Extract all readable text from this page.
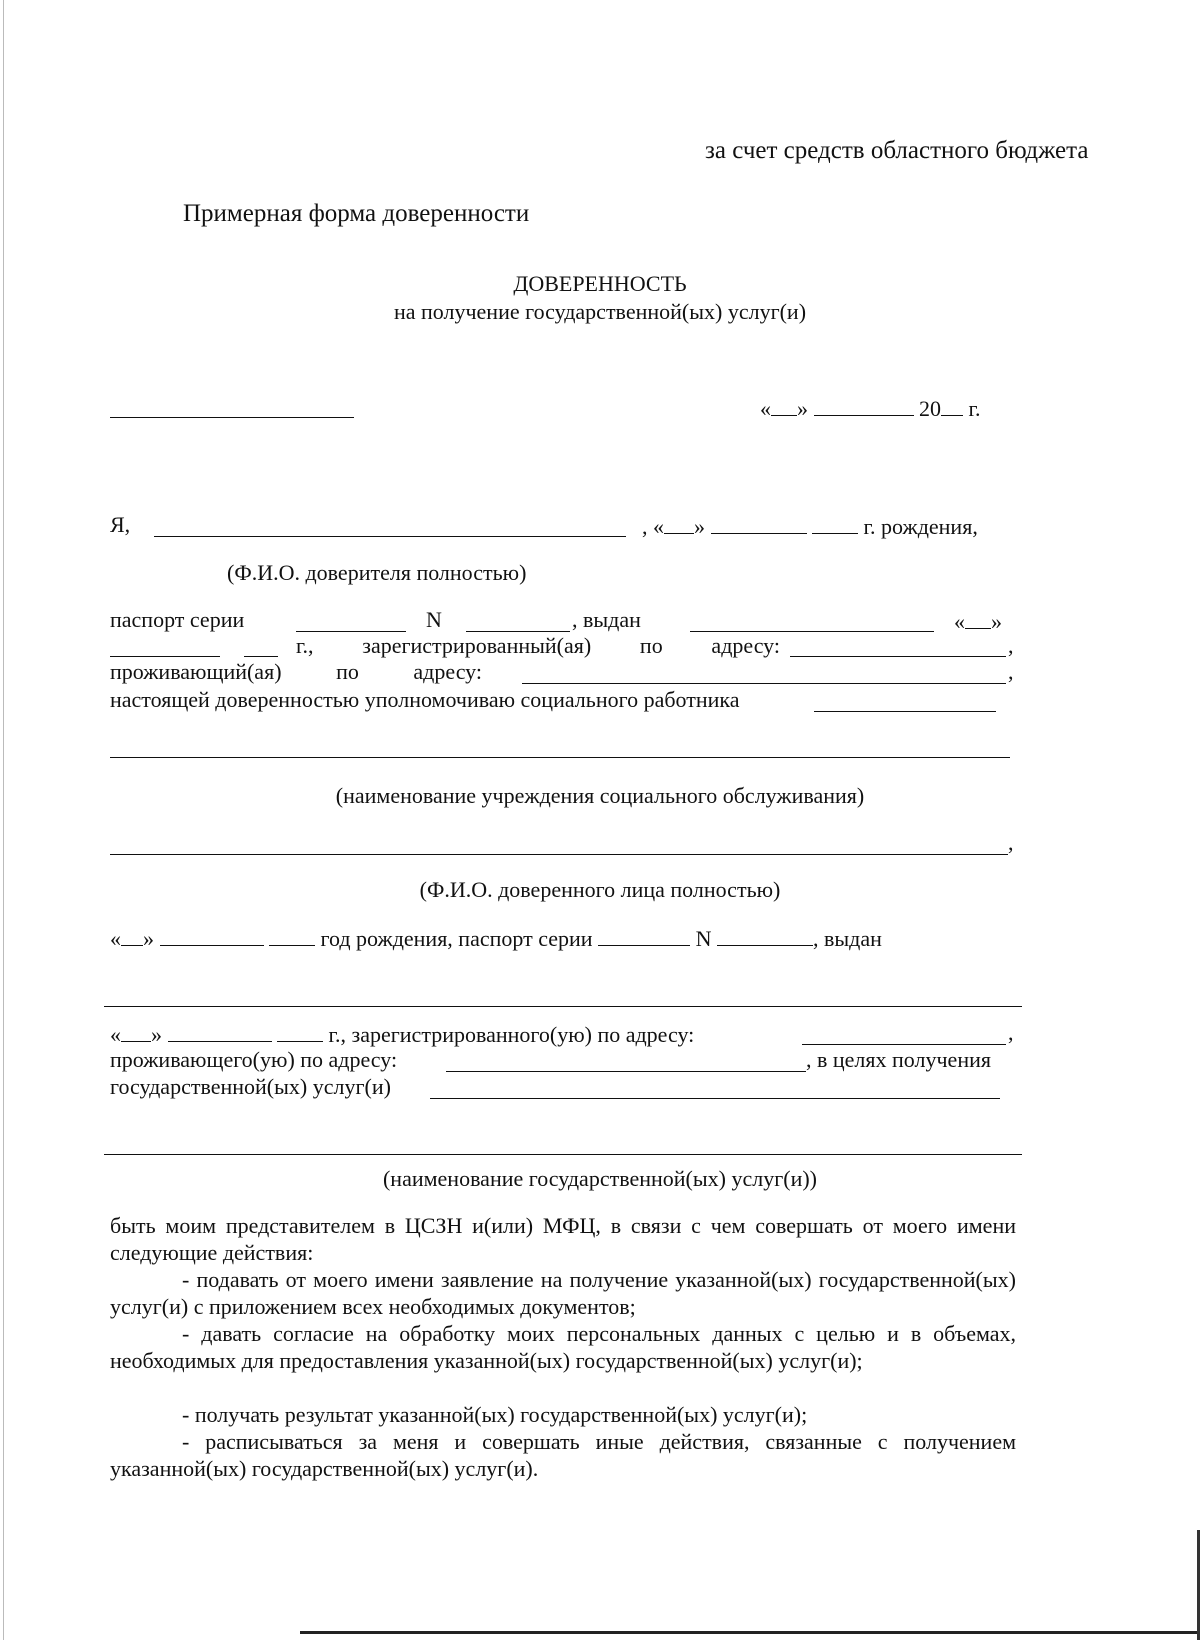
за счет средств областного бюджета
Примерная форма доверенности
ДОВЕРЕННОСТЬ
на получение государственной(ых) услуг(и)
« »	20 г.
Я,	, « »	г. рождения,
(Ф.И.О. доверителя полностью)
паспорт серии	N	, выдан	« »
г., зарегистрированный(ая) по адресу:	,
проживающий(ая) по адресу:	,
настоящей доверенностью уполномочиваю социального работника
(наименование учреждения социального обслуживания)
,
(Ф.И.О. доверенного лица полностью)
« »	год рождения, паспорт серии	N	, выдан
« »	г., зарегистрированного(ую) по адресу:	,
проживающего(ую) по адресу:	, в целях получения
государственной(ых) услуг(и)
(наименование государственной(ых) услуг(и))
быть моим представителем в ЦСЗН и(или) МФЦ, в связи с чем совершать от моего имени следующие действия:
- подавать от моего имени заявление на получение указанной(ых) государственной(ых) услуг(и) с приложением всех необходимых документов;
- давать согласие на обработку моих персональных данных с целью и в объемах, необходимых для предоставления указанной(ых) государственной(ых) услуг(и);
- получать результат указанной(ых) государственной(ых) услуг(и);
- расписываться за меня и совершать иные действия, связанные с получением указанной(ых) государственной(ых) услуг(и).
